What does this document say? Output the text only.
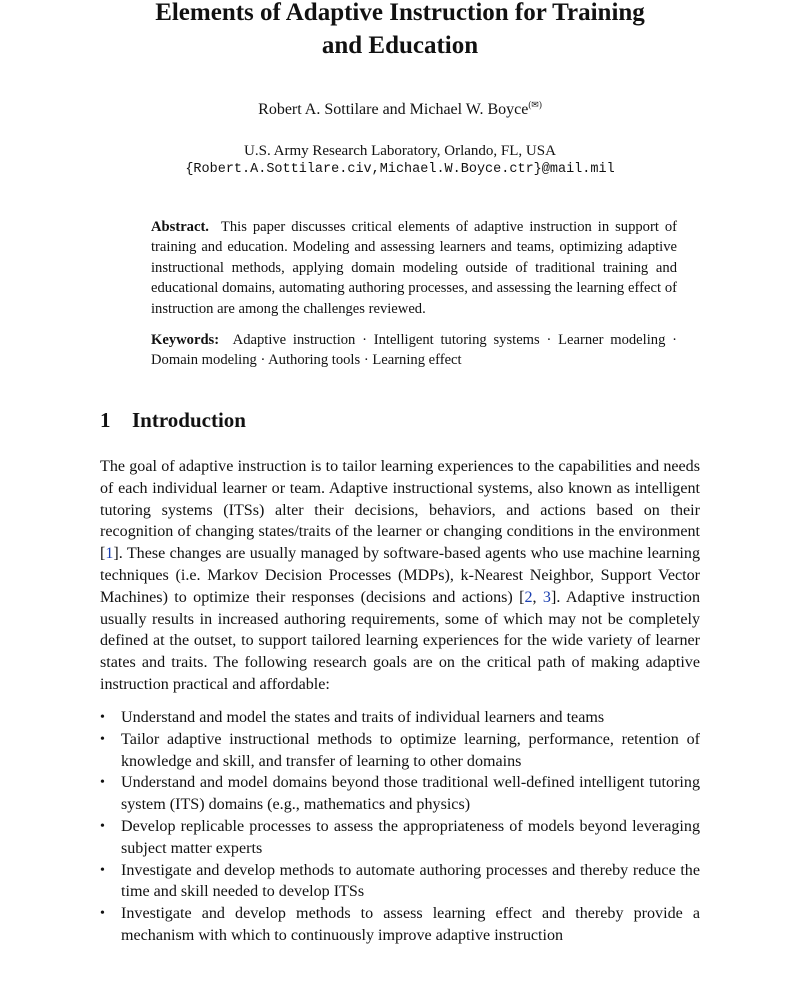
Elements of Adaptive Instruction for Training
and Education
Robert A. Sottilare and Michael W. Boyce(✉)
U.S. Army Research Laboratory, Orlando, FL, USA
{Robert.A.Sottilare.civ,Michael.W.Boyce.ctr}@mail.mil

Abstract. This paper discusses critical elements of adaptive instruction in support of training and education. Modeling and assessing learners and teams, optimizing adaptive instructional methods, applying domain modeling outside of traditional training and educational domains, automating authoring processes, and assessing the learning effect of instruction are among the challenges reviewed.

Keywords: Adaptive instruction · Intelligent tutoring systems · Learner modeling · Domain modeling · Authoring tools · Learning effect

1 Introduction

The goal of adaptive instruction is to tailor learning experiences to the capabilities and needs of each individual learner or team. Adaptive instructional systems, also known as intelligent tutoring systems (ITSs) alter their decisions, behaviors, and actions based on their recognition of changing states/traits of the learner or changing conditions in the environment [1]. These changes are usually managed by software-based agents who use machine learning techniques (i.e. Markov Decision Processes (MDPs), k-Nearest Neighbor, Support Vector Machines) to optimize their responses (decisions and actions) [2, 3]. Adaptive instruction usually results in increased authoring requirements, some of which may not be completely defined at the outset, to support tailored learning experiences for the wide variety of learner states and traits. The following research goals are on the critical path of making adaptive instruction practical and affordable:

• Understand and model the states and traits of individual learners and teams
• Tailor adaptive instructional methods to optimize learning, performance, retention of knowledge and skill, and transfer of learning to other domains
• Understand and model domains beyond those traditional well-defined intelligent tutoring system (ITS) domains (e.g., mathematics and physics)
• Develop replicable processes to assess the appropriateness of models beyond leveraging subject matter experts
• Investigate and develop methods to automate authoring processes and thereby reduce the time and skill needed to develop ITSs
• Investigate and develop methods to assess learning effect and thereby provide a mechanism with which to continuously improve adaptive instruction
